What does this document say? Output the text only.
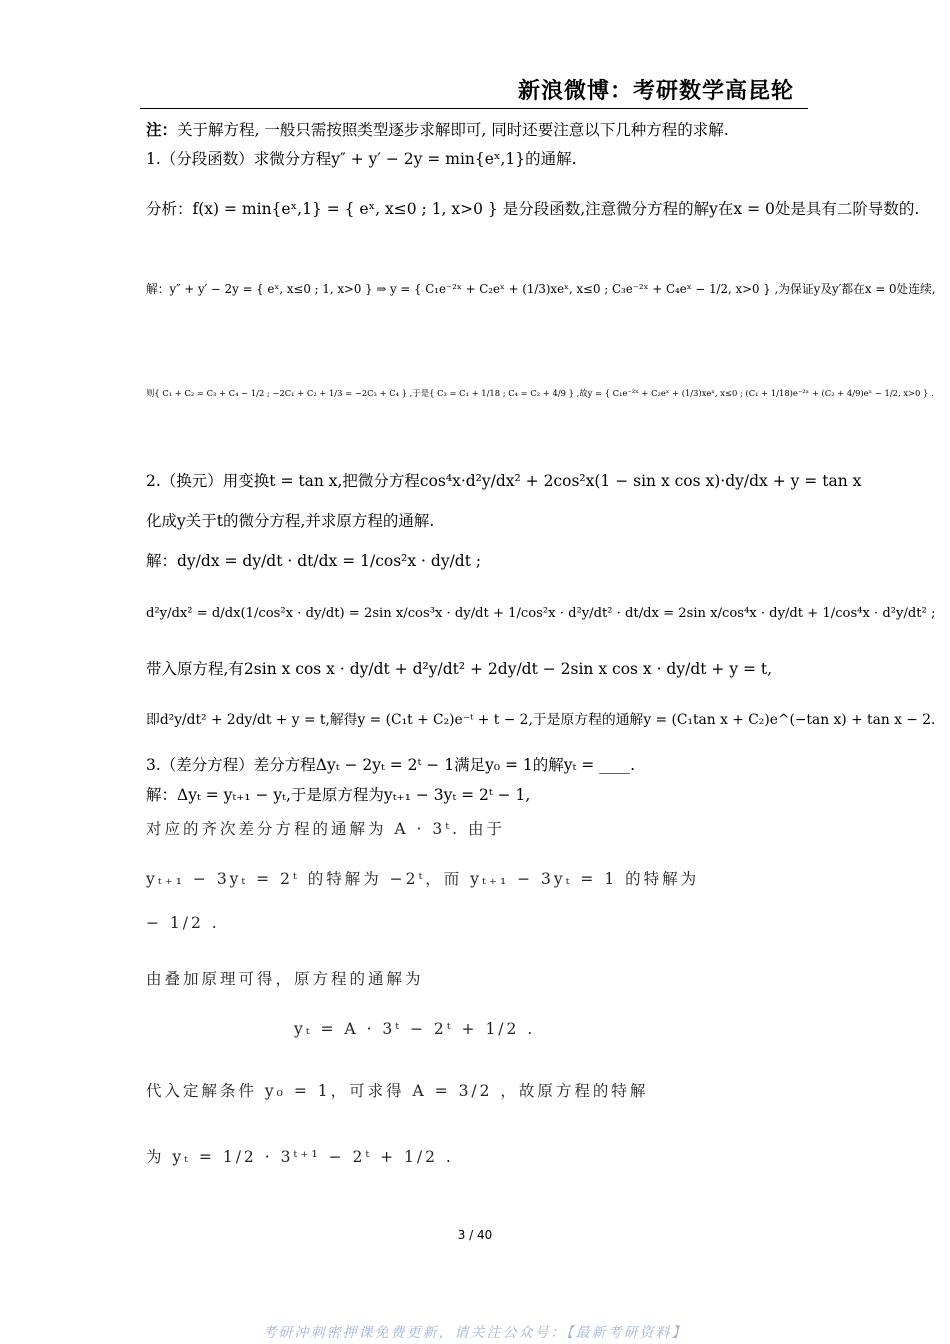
新浪微博：考研数学高昆轮
注：关于解方程, 一般只需按照类型逐步求解即可, 同时还要注意以下几种方程的求解.
1.（分段函数）求微分方程y″ + y′ − 2y = min{eˣ,1}的通解.
分析：f(x) = min{eˣ,1} = { eˣ, x≤0 ; 1, x>0 } 是分段函数,注意微分方程的解y在x = 0处是具有二阶导数的.
解：y″ + y′ − 2y = { eˣ, x≤0 ; 1, x>0 } ⇒ y = { C₁e⁻²ˣ + C₂eˣ + (1/3)xeˣ, x≤0 ; C₃e⁻²ˣ + C₄eˣ − 1/2, x>0 } ,为保证y及y′都在x = 0处连续,
则{ C₁ + C₂ = C₃ + C₄ − 1/2 ; −2C₁ + C₂ + 1/3 = −2C₃ + C₄ } ,于是{ C₃ = C₁ + 1/18 ; C₄ = C₂ + 4/9 } ,故y = { C₁e⁻²ˣ + C₂eˣ + (1/3)xeˣ, x≤0 ; (C₁ + 1/18)e⁻²ˣ + (C₂ + 4/9)eˣ − 1/2, x>0 } .
2.（换元）用变换t = tan x,把微分方程cos⁴x·d²y/dx² + 2cos²x(1 − sin x cos x)·dy/dx + y = tan x
化成y关于t的微分方程,并求原方程的通解.
解：dy/dx = dy/dt · dt/dx = 1/cos²x · dy/dt ;
d²y/dx² = d/dx(1/cos²x · dy/dt) = 2sin x/cos³x · dy/dt + 1/cos²x · d²y/dt² · dt/dx = 2sin x/cos⁴x · dy/dt + 1/cos⁴x · d²y/dt² ;
带入原方程,有2sin x cos x · dy/dt + d²y/dt² + 2dy/dt − 2sin x cos x · dy/dt + y = t,
即d²y/dt² + 2dy/dt + y = t,解得y = (C₁t + C₂)e⁻ᵗ + t − 2,于是原方程的通解y = (C₁tan x + C₂)e^(−tan x) + tan x − 2.
3.（差分方程）差分方程Δyₜ − 2yₜ = 2ᵗ − 1满足y₀ = 1的解yₜ = ____.
解：Δyₜ = yₜ₊₁ − yₜ,于是原方程为yₜ₊₁ − 3yₜ = 2ᵗ − 1,
对应的齐次差分方程的通解为 A · 3ᵗ. 由于
yₜ₊₁ − 3yₜ = 2ᵗ 的特解为 −2ᵗ，而 yₜ₊₁ − 3yₜ = 1 的特解为
− 1/2 .
由叠加原理可得，原方程的通解为
yₜ = A · 3ᵗ − 2ᵗ + 1/2 .
代入定解条件 y₀ = 1，可求得 A = 3/2 ，故原方程的特解
为 yₜ = 1/2 · 3ᵗ⁺¹ − 2ᵗ + 1/2 .
3 / 40
考研冲刺密押课免费更新，请关注公众号：【最新考研资料】
